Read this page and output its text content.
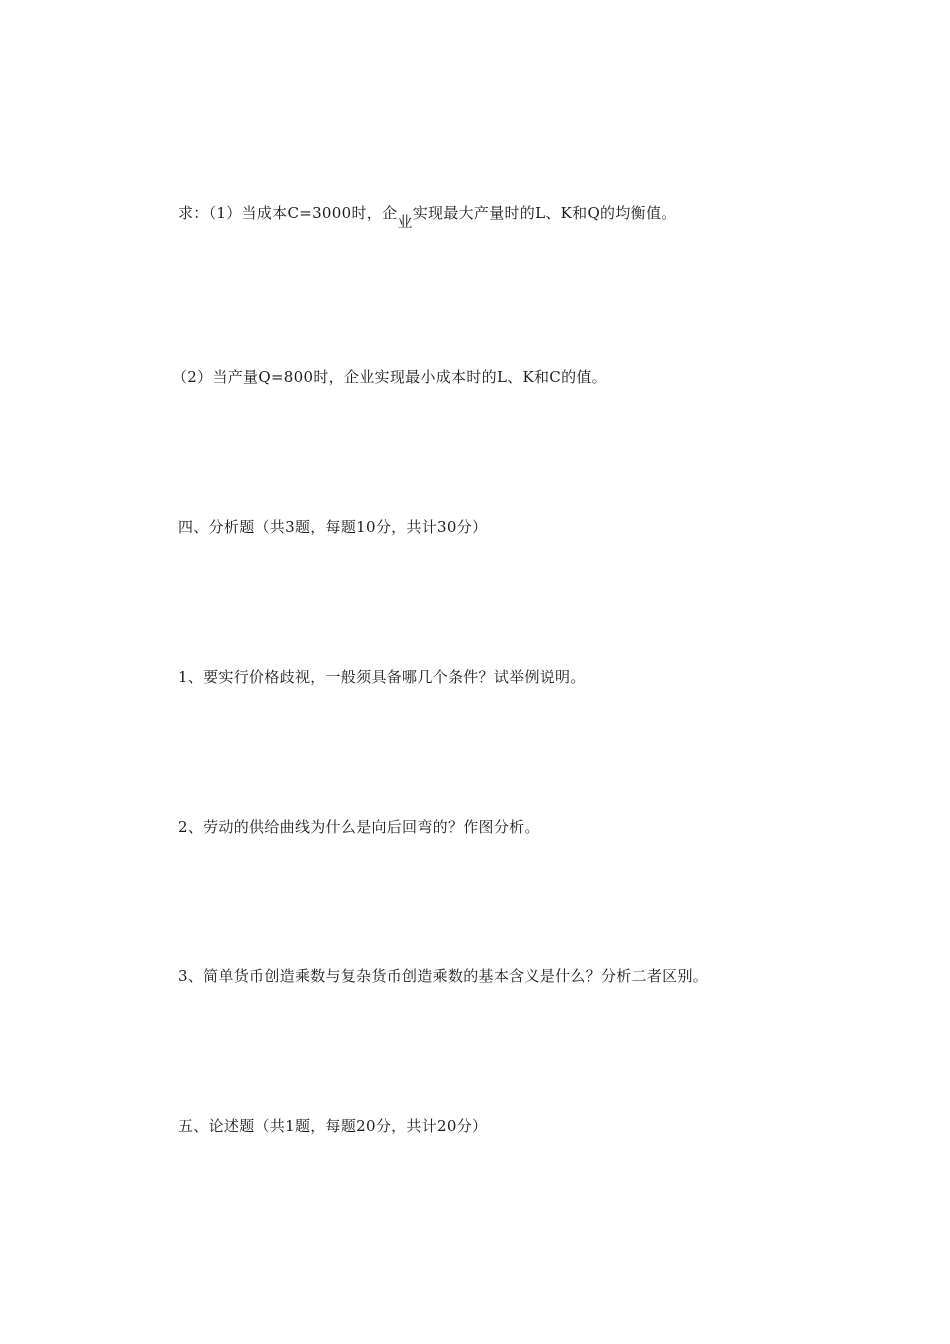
求：（1）当成本C=3000时，企业实现最大产量时的L、K和Q的均衡值。
（2）当产量Q=800时，企业实现最小成本时的L、K和C的值。
四、分析题（共3题，每题10分，共计30分）
1、要实行价格歧视，一般须具备哪几个条件？试举例说明。
2、劳动的供给曲线为什么是向后回弯的？作图分析。
3、简单货币创造乘数与复杂货币创造乘数的基本含义是什么？分析二者区别。
五、论述题（共1题，每题20分，共计20分）
